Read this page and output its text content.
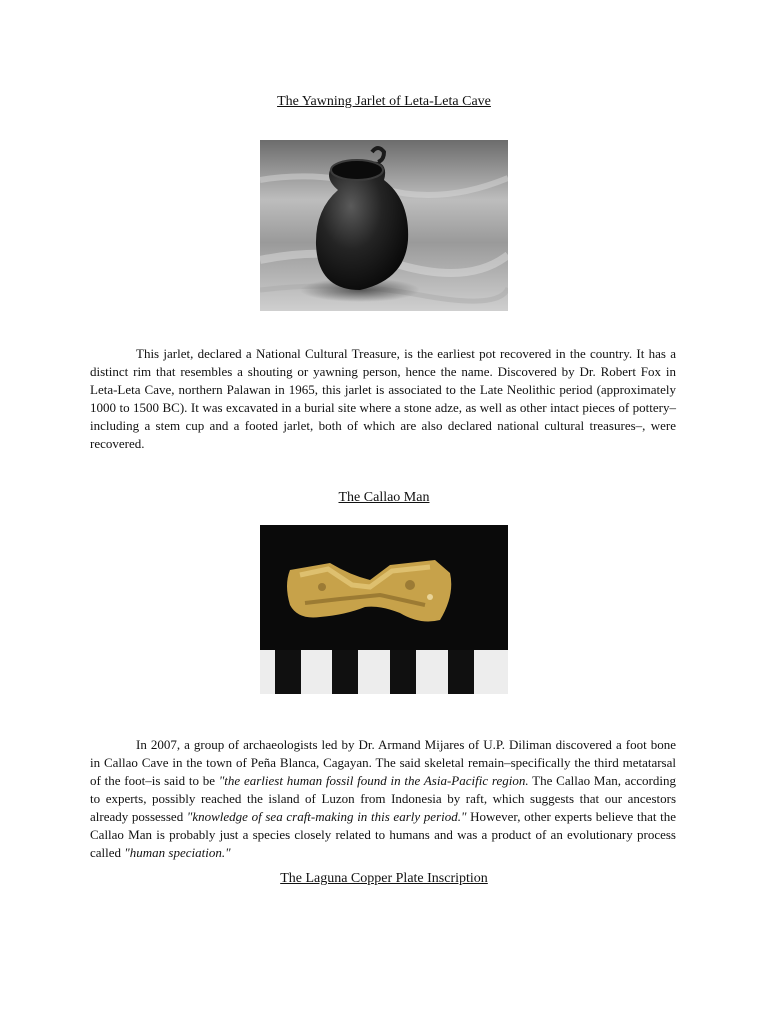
The Yawning Jarlet of Leta-Leta Cave

This jarlet, declared a National Cultural Treasure, is the earliest pot recovered in the country. It has a distinct rim that resembles a shouting or yawning person, hence the name. Discovered by Dr. Robert Fox in Leta-Leta Cave, northern Palawan in 1965, this jarlet is associated to the Late Neolithic period (approximately 1000 to 1500 BC). It was excavated in a burial site where a stone adze, as well as other intact pieces of pottery–including a stem cup and a footed jarlet, both of which are also declared national cultural treasures–, were recovered.

The Callao Man

In 2007, a group of archaeologists led by Dr. Armand Mijares of U.P. Diliman discovered a foot bone in Callao Cave in the town of Peña Blanca, Cagayan. The said skeletal remain–specifically the third metatarsal of the foot–is said to be "the earliest human fossil found in the Asia-Pacific region. The Callao Man, according to experts, possibly reached the island of Luzon from Indonesia by raft, which suggests that our ancestors already possessed "knowledge of sea craft-making in this early period." However, other experts believe that the Callao Man is probably just a species closely related to humans and was a product of an evolutionary process called "human speciation."

The Laguna Copper Plate Inscription
